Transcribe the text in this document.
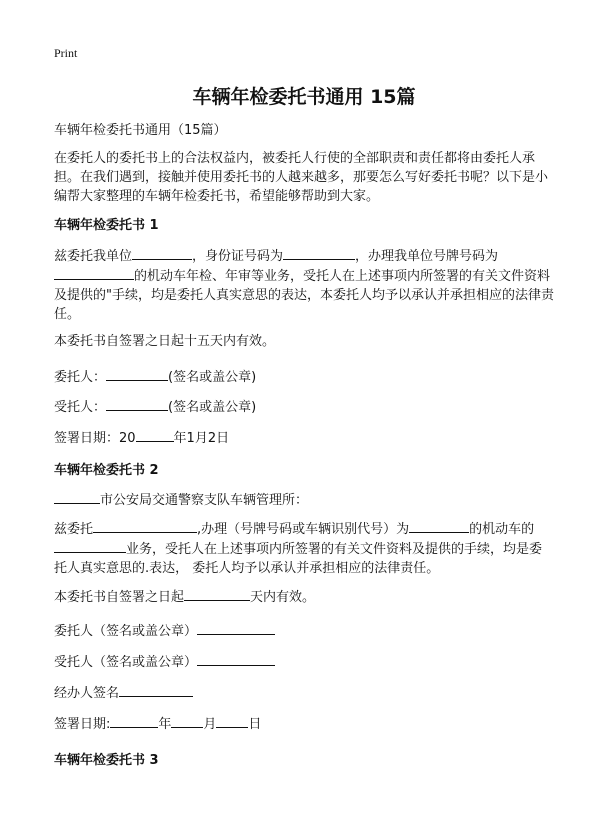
Print
车辆年检委托书通用 15篇

车辆年检委托书通用（15篇）

在委托人的委托书上的合法权益内，被委托人行使的全部职责和责任都将由委托人承担。在我们遇到，接触并使用委托书的人越来越多，那要怎么写好委托书呢？以下是小编帮大家整理的车辆年检委托书，希望能够帮助到大家。

车辆年检委托书 1

兹委托我单位	，身份证号码为	，办理我单位号牌号码为
的机动车年检、年审等业务，受托人在上述事项内所签署的有关文件资料及提供的"手续，均是委托人真实意思的表达，本委托人均予以承认并承担相应的法律责任。

本委托书自签署之日起十五天内有效。

委托人：	(签名或盖公章)

受托人：	(签名或盖公章)

签署日期：20	年1月2日

车辆年检委托书 2

市公安局交通警察支队车辆管理所：

兹委托	,办理（号牌号码或车辆识别代号）为	的机动车的业务，受托人在上述事项内所签署的有关文件资料及提供的手续，均是委托人真实意思的.表达， 委托人均予以承认并承担相应的法律责任。

本委托书自签署之日起	天内有效。

委托人（签名或盖公章）

受托人（签名或盖公章）

经办人签名

签署日期:	年 月 日

车辆年检委托书 3
